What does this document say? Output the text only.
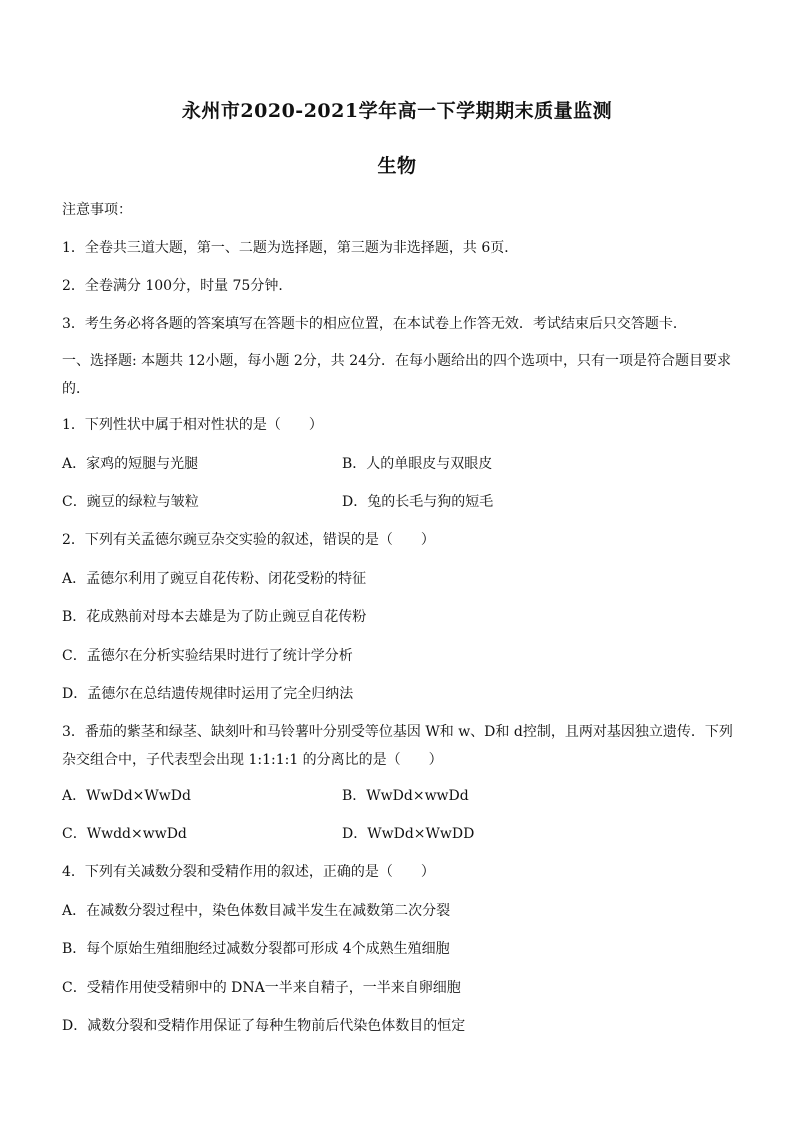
永州市2020-2021学年高一下学期期末质量监测
生物
注意事项：
1．全卷共三道大题，第一、二题为选择题，第三题为非选择题，共 6页．
2．全卷满分 100分，时量 75分钟．
3．考生务必将各题的答案填写在答题卡的相应位置，在本试卷上作答无效．考试结束后只交答题卡．
一、选择题: 本题共 12小题，每小题 2分，共 24分．在每小题给出的四个选项中，只有一项是符合题目要求的．
1．下列性状中属于相对性状的是（　　）
A．家鸡的短腿与光腿	B．人的单眼皮与双眼皮
C．豌豆的绿粒与皱粒	D．兔的长毛与狗的短毛
2．下列有关孟德尔豌豆杂交实验的叙述，错误的是（　　）
A．孟德尔利用了豌豆自花传粉、闭花受粉的特征
B．花成熟前对母本去雄是为了防止豌豆自花传粉
C．孟德尔在分析实验结果时进行了统计学分析
D．孟德尔在总结遗传规律时运用了完全归纳法
3．番茄的紫茎和绿茎、缺刻叶和马铃薯叶分别受等位基因 W和 w、D和 d控制，且两对基因独立遗传．下列杂交组合中，子代表型会出现 1:1:1:1 的分离比的是（　　）
A．WwDd×WwDd	B．WwDd×wwDd
C．Wwdd×wwDd	D．WwDd×WwDD
4．下列有关减数分裂和受精作用的叙述，正确的是（　　）
A．在减数分裂过程中，染色体数目减半发生在减数第二次分裂
B．每个原始生殖细胞经过减数分裂都可形成 4个成熟生殖细胞
C．受精作用使受精卵中的 DNA一半来自精子，一半来自卵细胞
D．减数分裂和受精作用保证了每种生物前后代染色体数目的恒定
